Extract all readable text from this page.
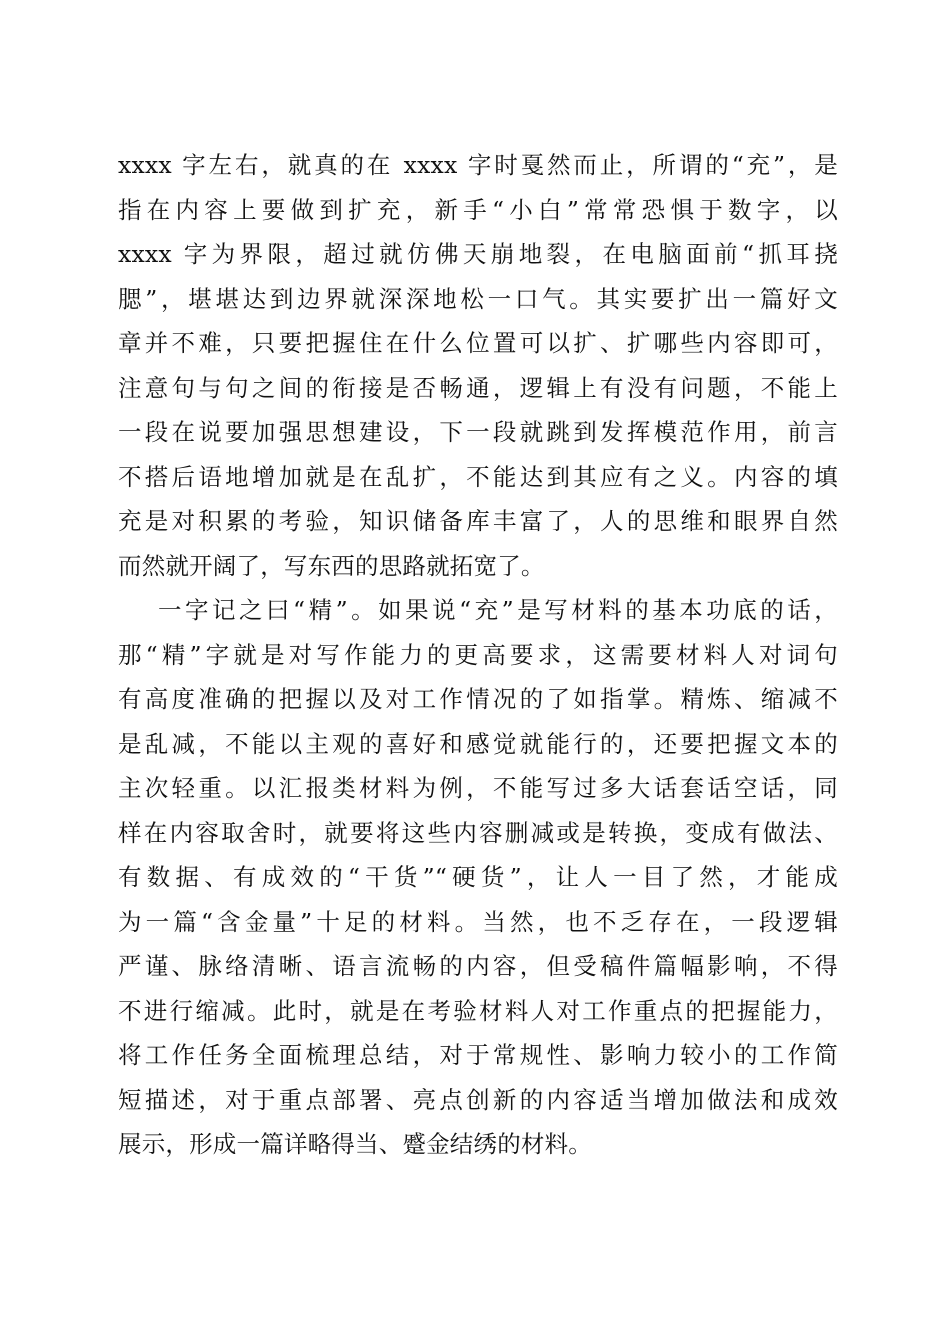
xxxx 字左右，就真的在 xxxx 字时戛然而止，所谓的“充”，是
指在内容上要做到扩充，新手“小白”常常恐惧于数字，以
xxxx 字为界限，超过就仿佛天崩地裂，在电脑面前“抓耳挠
腮”，堪堪达到边界就深深地松一口气。其实要扩出一篇好文
章并不难，只要把握住在什么位置可以扩、扩哪些内容即可，
注意句与句之间的衔接是否畅通，逻辑上有没有问题，不能上
一段在说要加强思想建设，下一段就跳到发挥模范作用，前言
不搭后语地增加就是在乱扩，不能达到其应有之义。内容的填
充是对积累的考验，知识储备库丰富了，人的思维和眼界自然
而然就开阔了，写东西的思路就拓宽了。
一字记之曰“精”。如果说“充”是写材料的基本功底的话，
那“精”字就是对写作能力的更高要求，这需要材料人对词句
有高度准确的把握以及对工作情况的了如指掌。精炼、缩减不
是乱减，不能以主观的喜好和感觉就能行的，还要把握文本的
主次轻重。以汇报类材料为例，不能写过多大话套话空话，同
样在内容取舍时，就要将这些内容删减或是转换，变成有做法、
有数据、有成效的“干货”“硬货”，让人一目了然，才能成
为一篇“含金量”十足的材料。当然，也不乏存在，一段逻辑
严谨、脉络清晰、语言流畅的内容，但受稿件篇幅影响，不得
不进行缩减。此时，就是在考验材料人对工作重点的把握能力，
将工作任务全面梳理总结，对于常规性、影响力较小的工作简
短描述，对于重点部署、亮点创新的内容适当增加做法和成效
展示，形成一篇详略得当、蹙金结绣的材料。
